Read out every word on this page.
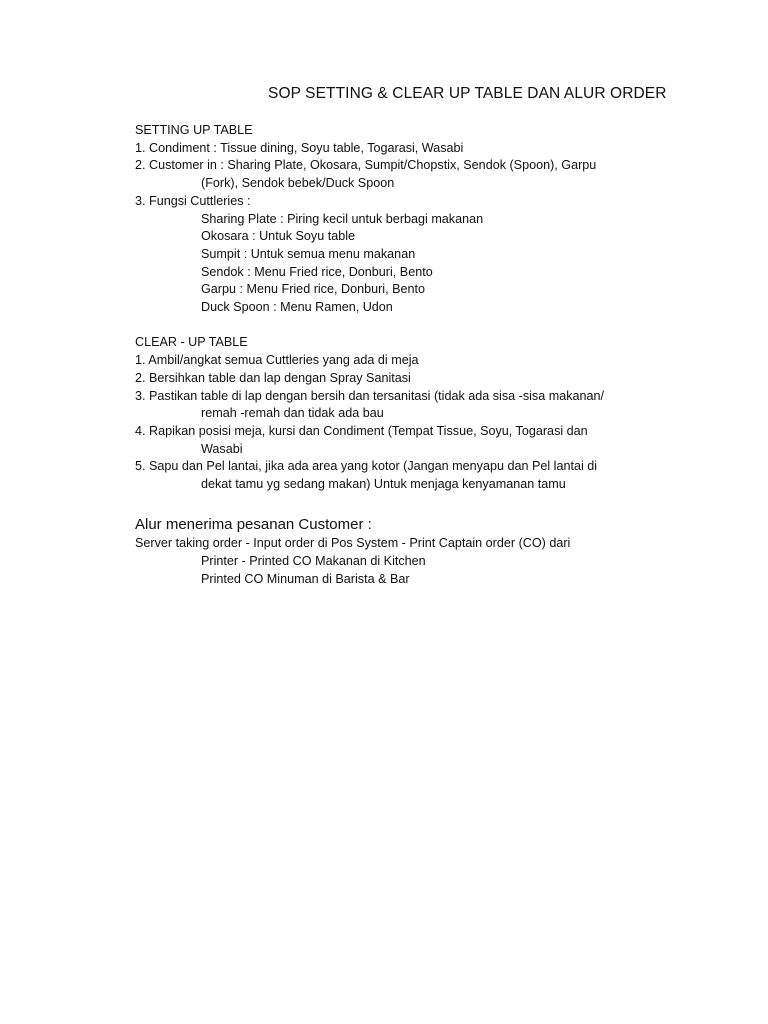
SOP SETTING & CLEAR UP TABLE DAN ALUR ORDER
SETTING UP TABLE
1. Condiment : Tissue dining, Soyu table, Togarasi, Wasabi
2. Customer in : Sharing Plate, Okosara, Sumpit/Chopstix, Sendok (Spoon), Garpu
(Fork), Sendok bebek/Duck Spoon
3. Fungsi Cuttleries :
Sharing Plate : Piring kecil untuk berbagi makanan
Okosara : Untuk Soyu table
Sumpit : Untuk semua menu makanan
Sendok : Menu Fried rice, Donburi, Bento
Garpu : Menu Fried rice, Donburi, Bento
Duck Spoon : Menu Ramen, Udon
CLEAR - UP TABLE
1. Ambil/angkat semua Cuttleries yang ada di meja
2. Bersihkan table dan lap dengan Spray Sanitasi
3. Pastikan table di lap dengan bersih dan tersanitasi (tidak ada sisa -sisa makanan/
remah -remah dan tidak ada bau
4. Rapikan posisi meja, kursi dan Condiment (Tempat Tissue, Soyu, Togarasi dan
Wasabi
5. Sapu dan Pel lantai, jika ada area yang kotor (Jangan menyapu dan Pel lantai di
dekat tamu yg sedang makan) Untuk menjaga kenyamanan tamu
Alur menerima pesanan Customer :
Server taking order - Input order di Pos System - Print Captain order (CO) dari
Printer - Printed CO Makanan di Kitchen
Printed CO Minuman di Barista & Bar
